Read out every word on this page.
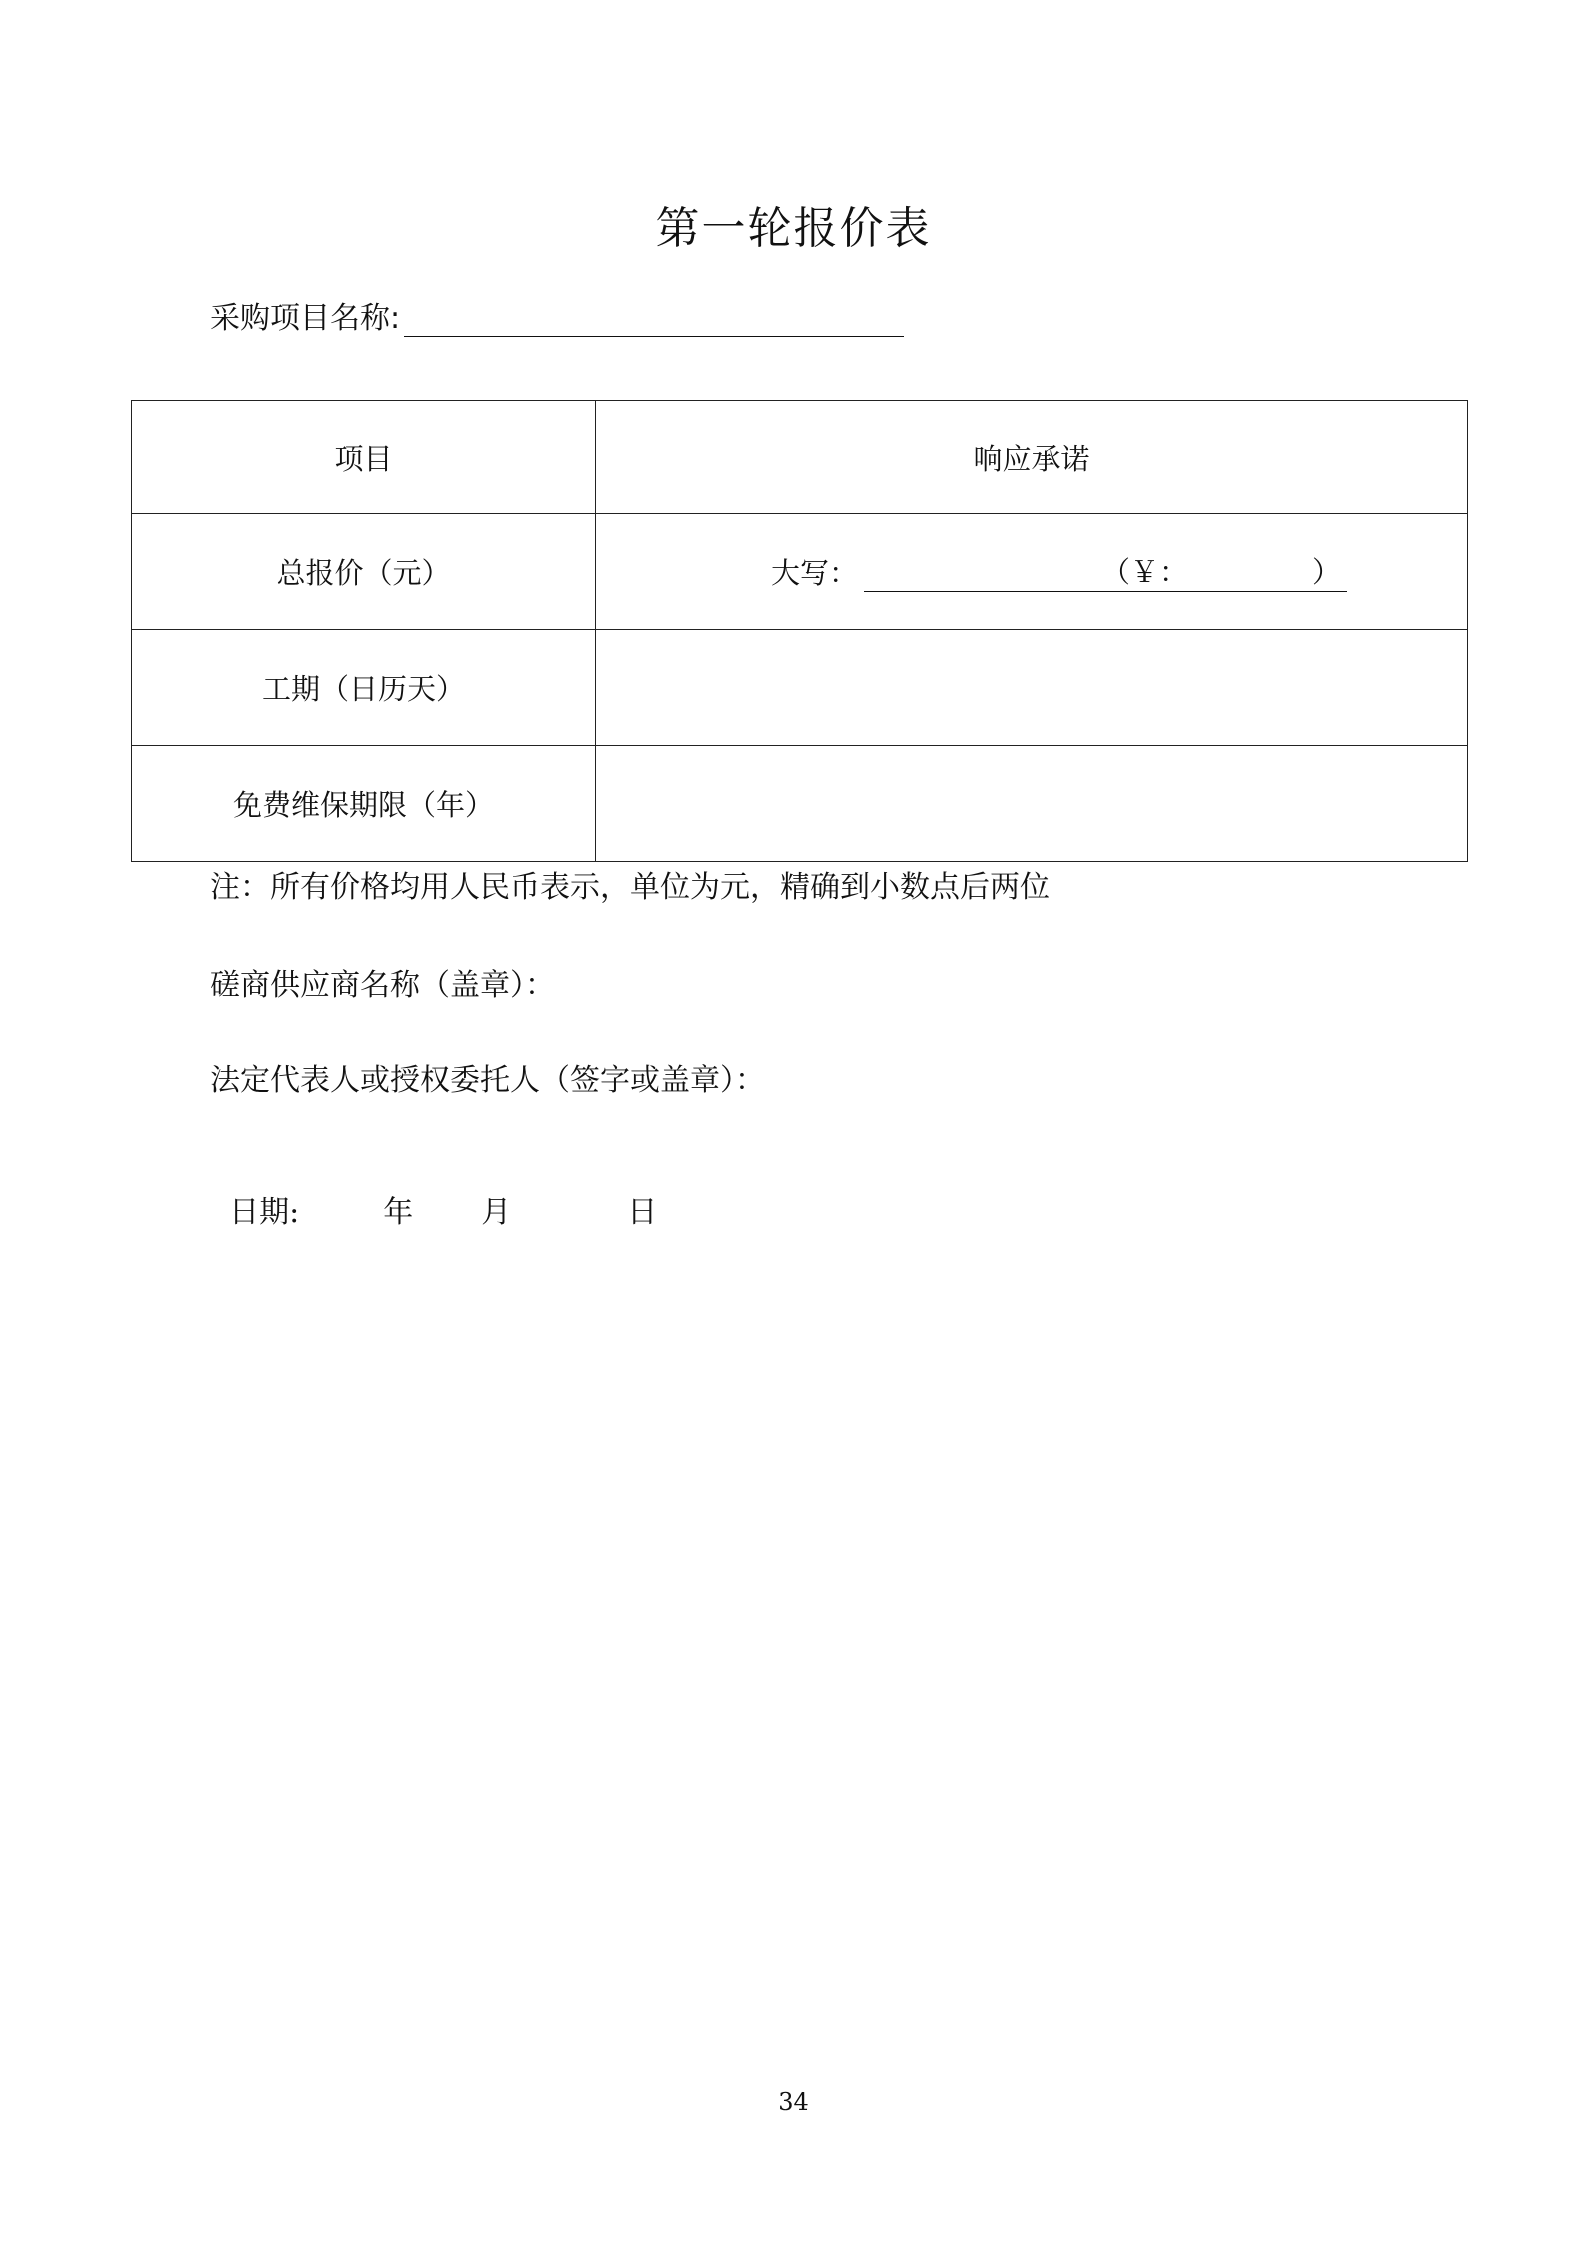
第一轮报价表
采购项目名称:
项目	响应承诺
总报价（元）	大写： （￥： ）

工期（日历天）	
免费维保期限（年）	
注：所有价格均用人民币表示，单位为元，精确到小数点后两位
磋商供应商名称（盖章）：
法定代表人或授权委托人（签字或盖章）：

日期:	年 月	日

34
